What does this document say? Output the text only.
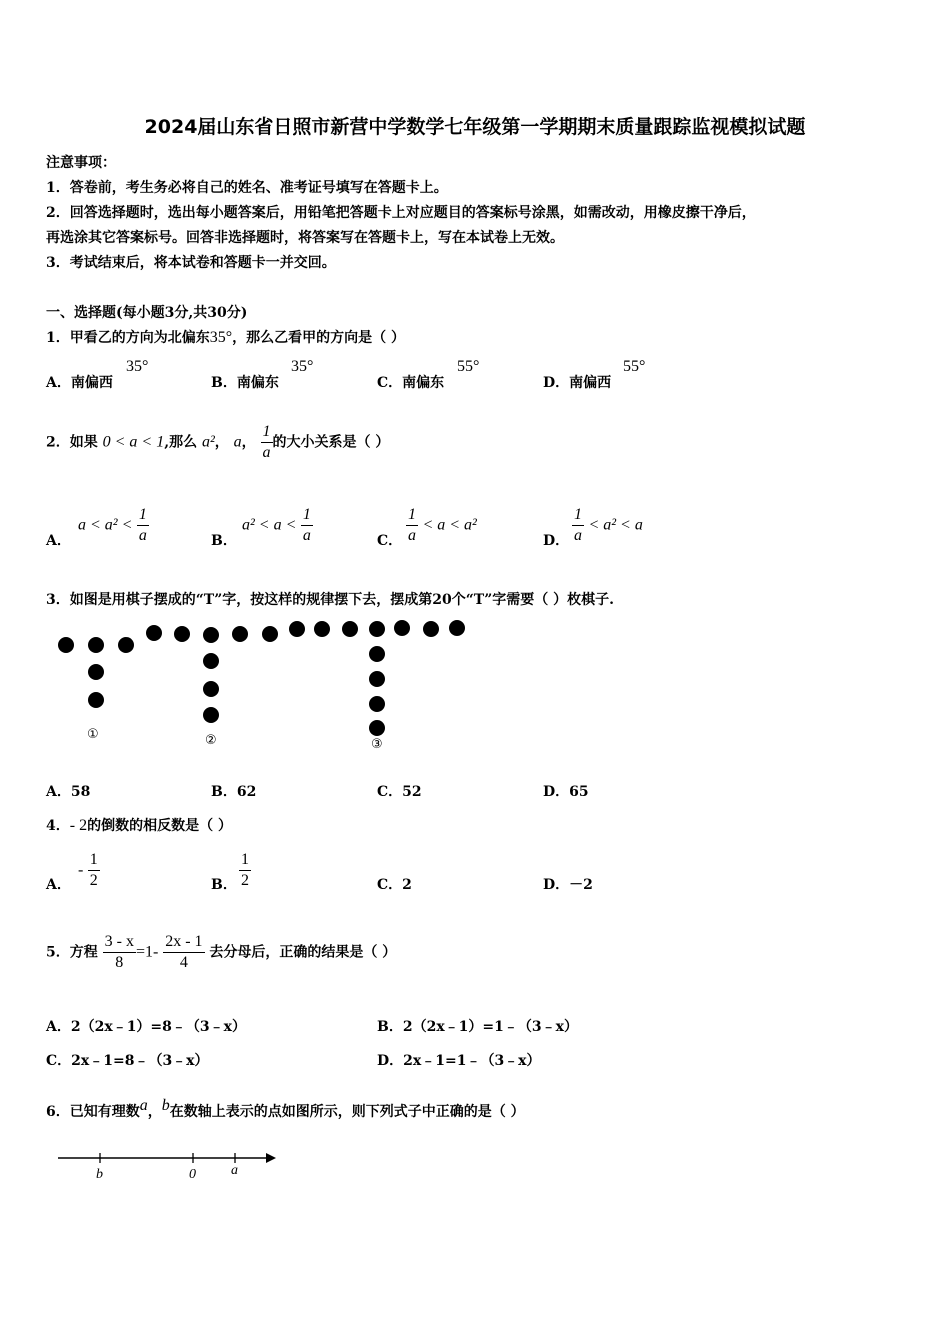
2024届山东省日照市新营中学数学七年级第一学期期末质量跟踪监视模拟试题
注意事项：
1．答卷前，考生务必将自己的姓名、准考证号填写在答题卡上。
2．回答选择题时，选出每小题答案后，用铅笔把答题卡上对应题目的答案标号涂黑，如需改动，用橡皮擦干净后，
再选涂其它答案标号。回答非选择题时，将答案写在答题卡上，写在本试卷上无效。
3．考试结束后，将本试卷和答题卡一并交回。
一、选择题(每小题3分,共30分)
1．甲看乙的方向为北偏东35°，那么乙看甲的方向是（ ）
A．南偏西
35°
B．南偏东
35°
C．南偏东
55°
D．南偏西
55°
2．如果 0 < a < 1,那么 a²， a， $\frac{1}{a}$ 的大小关系是（ ）
A．
$a < a^2 < \frac{1}{a}$	B．
$a^2 < a < \frac{1}{a}$	C． $\frac{1}{a} < a < a^2$
D． $\frac{1}{a} < a^2 < a$
3．如图是用棋子摆成的“T”字，按这样的规律摆下去，摆成第20个“T”字需要（ ）枚棋子.
①	②	③
A．58	B．62	C．52	D．65
4．- 2的倒数的相反数是（ ）
A．
- $\frac{1}{2}$	B． $\frac{1}{2}$	C．2	D．－2
5．方程 $\frac{3 - x}{8} =1- \frac{2x - 1}{4}$ 去分母后，正确的结果是（ ）
A．2（2x﹣1）=8﹣（3﹣x）	B．2（2x﹣1）=1﹣（3﹣x）
C．2x﹣1=8﹣（3﹣x）	D．2x﹣1=1﹣（3﹣x）
6．已知有理数a，b在数轴上表示的点如图所示，则下列式子中正确的是（ ）
b	0	a
